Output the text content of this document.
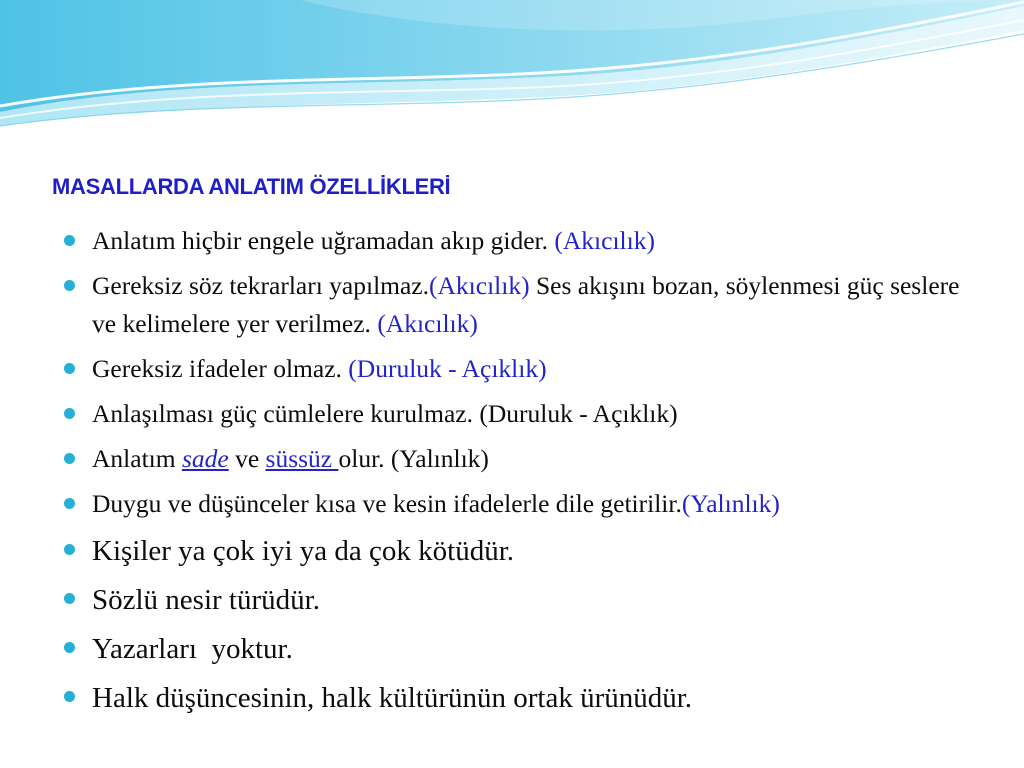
MASALLARDA ANLATIM ÖZELLİKLERİ
Anlatım hiçbir engele uğramadan akıp gider. (Akıcılık)
Gereksiz söz tekrarları yapılmaz.(Akıcılık) Ses akışını bozan, söylenmesi güç seslere ve kelimelere yer verilmez. (Akıcılık)
Gereksiz ifadeler olmaz. (Duruluk - Açıklık)
Anlaşılması güç cümlelere kurulmaz. (Duruluk - Açıklık)
Anlatım sade ve süssüz olur. (Yalınlık)
Duygu ve düşünceler kısa ve kesin ifadelerle dile getirilir.(Yalınlık)
Kişiler ya çok iyi ya da çok kötüdür.
Sözlü nesir türüdür.
Yazarları  yoktur.
Halk düşüncesinin, halk kültürünün ortak ürünüdür.
